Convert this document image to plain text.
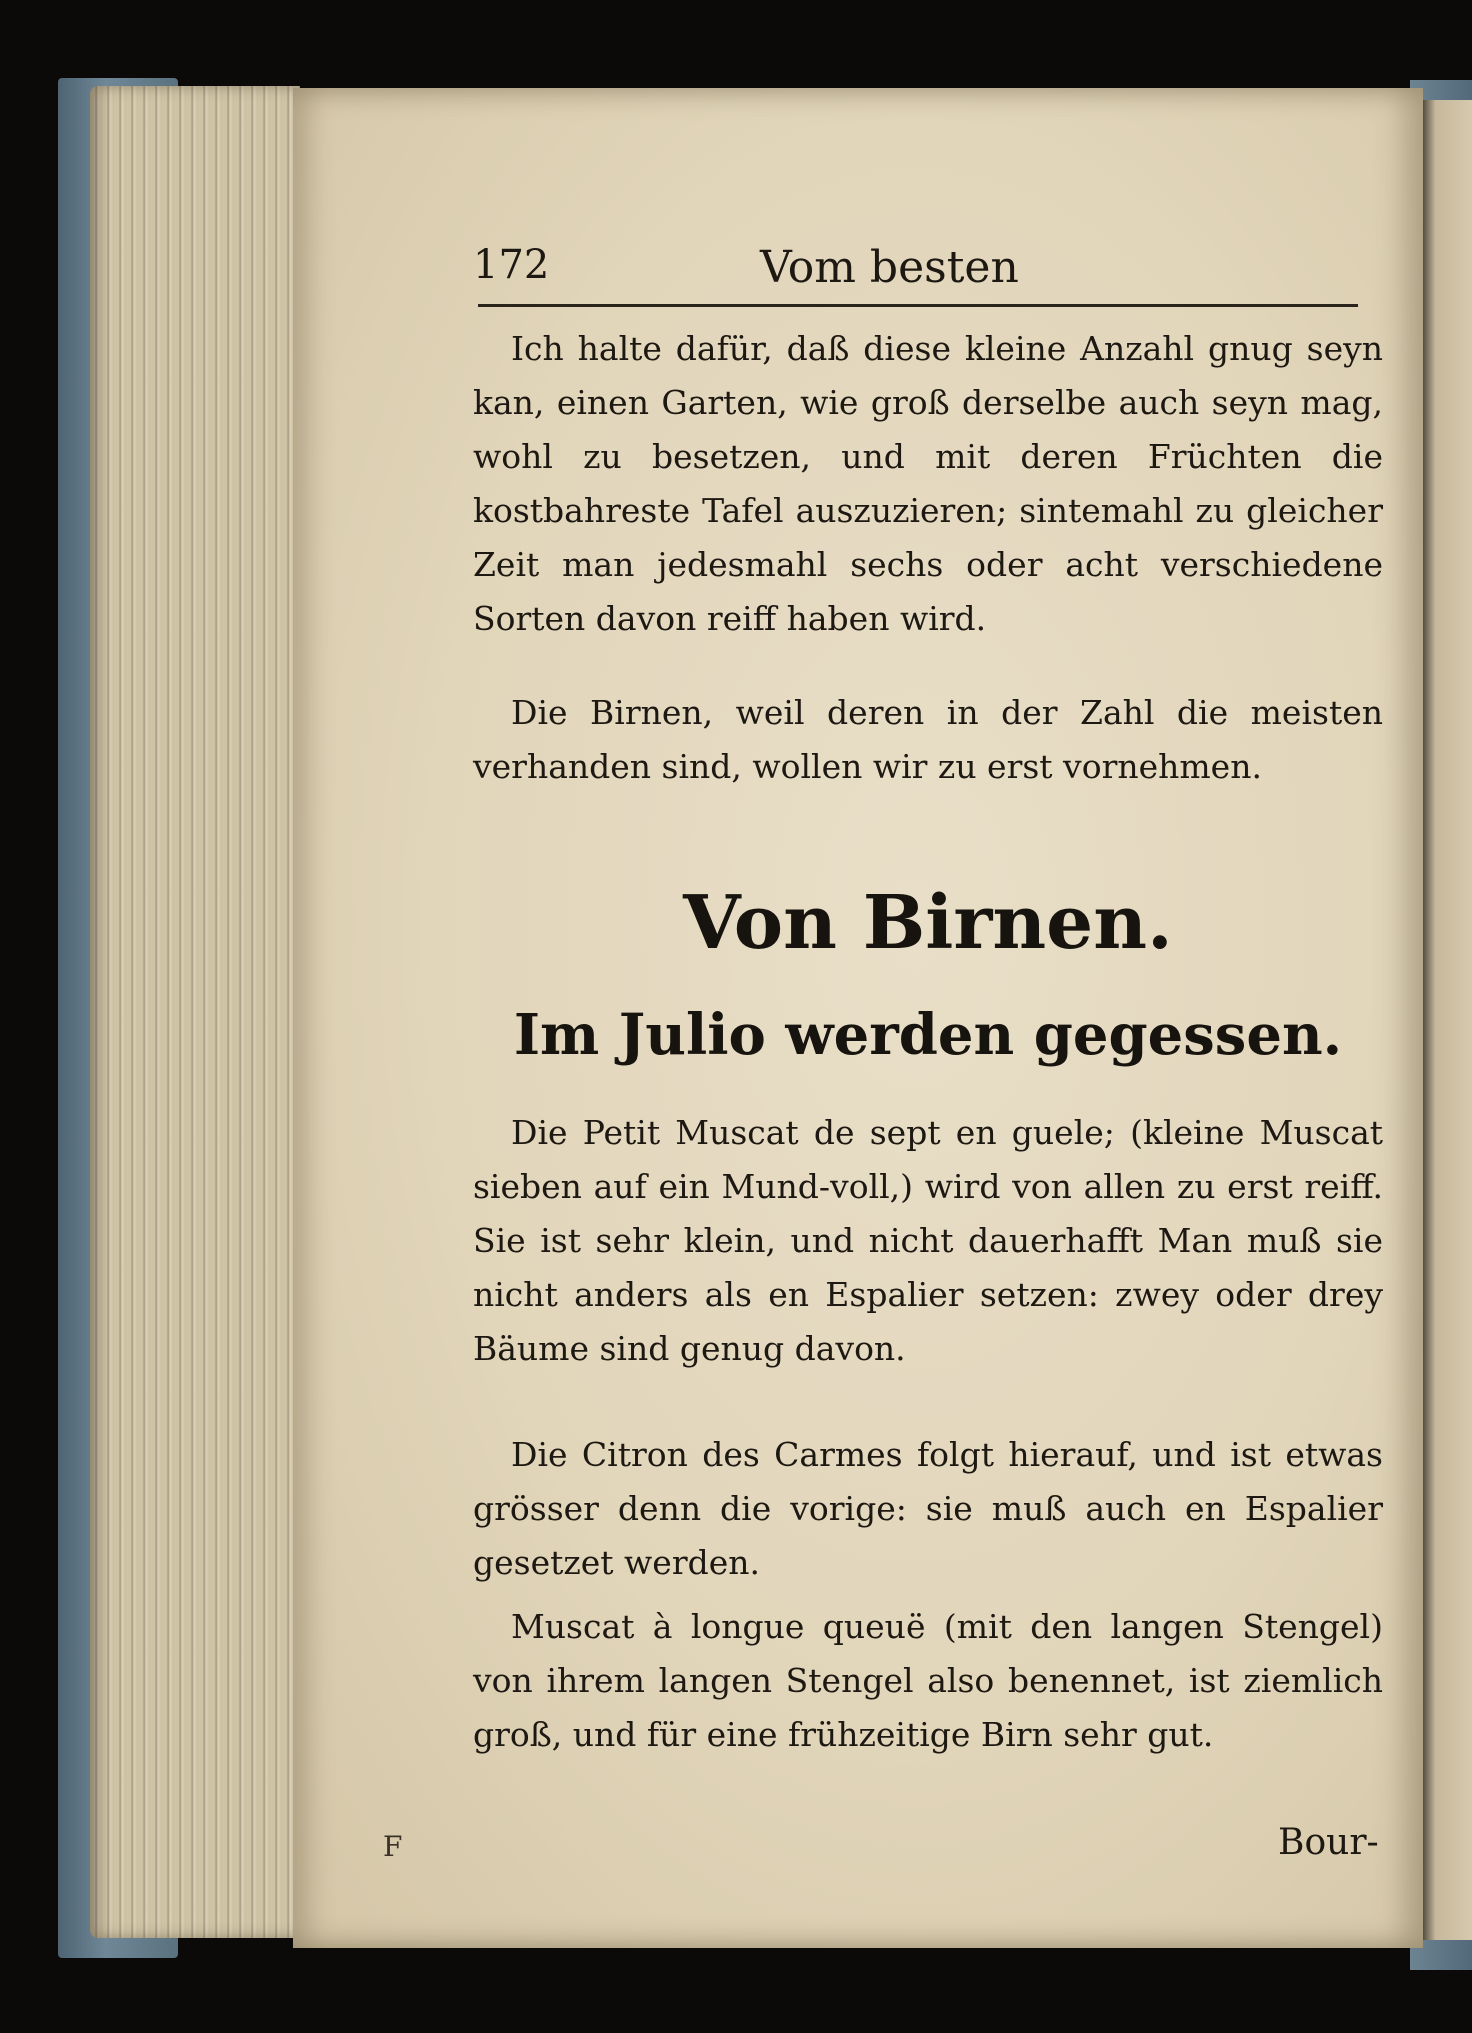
172	Vom besten

Ich halte dafür, daß diese kleine Anzahl gnug seyn kan, einen Garten, wie groß derselbe auch seyn mag, wohl zu besetzen, und mit deren Früchten die kostbahreste Tafel auszuzieren; sintemahl zu gleicher Zeit man jedesmahl sechs oder acht verschiedene Sorten davon reiff haben wird.

Die Birnen, weil deren in der Zahl die meisten verhanden sind, wollen wir zu erst vornehmen.

Von Birnen.
Im Julio werden gegessen.

Die Petit Muscat de sept en guele; (kleine Muscat sieben auf ein Mund-voll,) wird von allen zu erst reiff. Sie ist sehr klein, und nicht dauerhafft Man muß sie nicht anders als en Espalier setzen: zwey oder drey Bäume sind genug davon.

Die Citron des Carmes folgt hierauf, und ist etwas grösser denn die vorige: sie muß auch en Espalier gesetzet werden.

Muscat à longue queuë (mit den langen Stengel) von ihrem langen Stengel also benennet, ist ziemlich groß, und für eine frühzeitige Birn sehr gut.

F	Bour-
